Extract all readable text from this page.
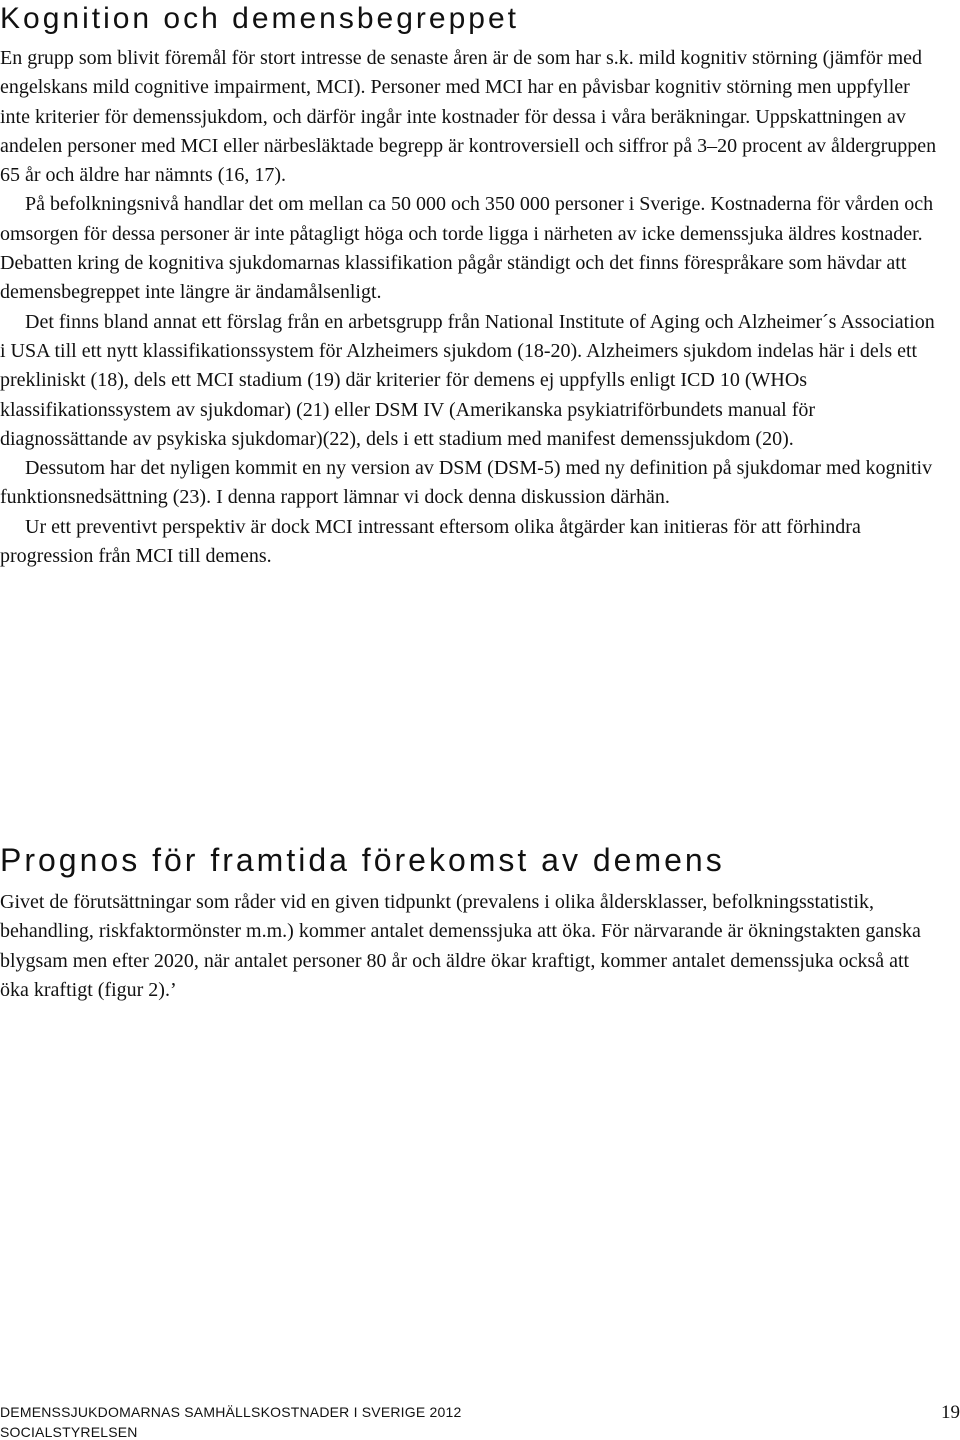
Kognition och demensbegreppet

En grupp som blivit föremål för stort intresse de senaste åren är de som har s.k. mild kognitiv störning (jämför med engelskans mild cognitive impairment, MCI). Personer med MCI har en påvisbar kognitiv störning men uppfyller inte kriterier för demenssjukdom, och därför ingår inte kostnader för dessa i våra beräkningar. Uppskattningen av andelen personer med MCI eller närbesläktade begrepp är kontroversiell och siffror på 3–20 procent av åldergruppen 65 år och äldre har nämnts (16, 17).

På befolkningsnivå handlar det om mellan ca 50 000 och 350 000 personer i Sverige. Kostnaderna för vården och omsorgen för dessa personer är inte påtagligt höga och torde ligga i närheten av icke demenssjuka äldres kostnader. Debatten kring de kognitiva sjukdomarnas klassifikation pågår ständigt och det finns förespråkare som hävdar att demensbegreppet inte längre är ändamålsenligt.

Det finns bland annat ett förslag från en arbetsgrupp från National Institute of Aging och Alzheimer´s Association i USA till ett nytt klassifikationssystem för Alzheimers sjukdom (18-20). Alzheimers sjukdom indelas här i dels ett prekliniskt (18), dels ett MCI stadium (19) där kriterier för demens ej uppfylls enligt ICD 10 (WHOs klassifikationssystem av sjukdomar) (21) eller DSM IV (Amerikanska psykiatriförbundets manual för diagnossättande av psykiska sjukdomar)(22), dels i ett stadium med manifest demenssjukdom (20).

Dessutom har det nyligen kommit en ny version av DSM (DSM-5) med ny definition på sjukdomar med kognitiv funktionsnedsättning (23). I denna rapport lämnar vi dock denna diskussion därhän.

Ur ett preventivt perspektiv är dock MCI intressant eftersom olika åtgärder kan initieras för att förhindra progression från MCI till demens.

Prognos för framtida förekomst av demens

Givet de förutsättningar som råder vid en given tidpunkt (prevalens i olika åldersklasser, befolkningsstatistik, behandling, riskfaktormönster m.m.) kommer antalet demenssjuka att öka. För närvarande är ökningstakten ganska blygsam men efter 2020, när antalet personer 80 år och äldre ökar kraftigt, kommer antalet demenssjuka också att öka kraftigt (figur 2).’

DEMENSSJUKDOMARNAS SAMHÄLLSKOSTNADER I SVERIGE 2012	19
SOCIALSTYRELSEN
